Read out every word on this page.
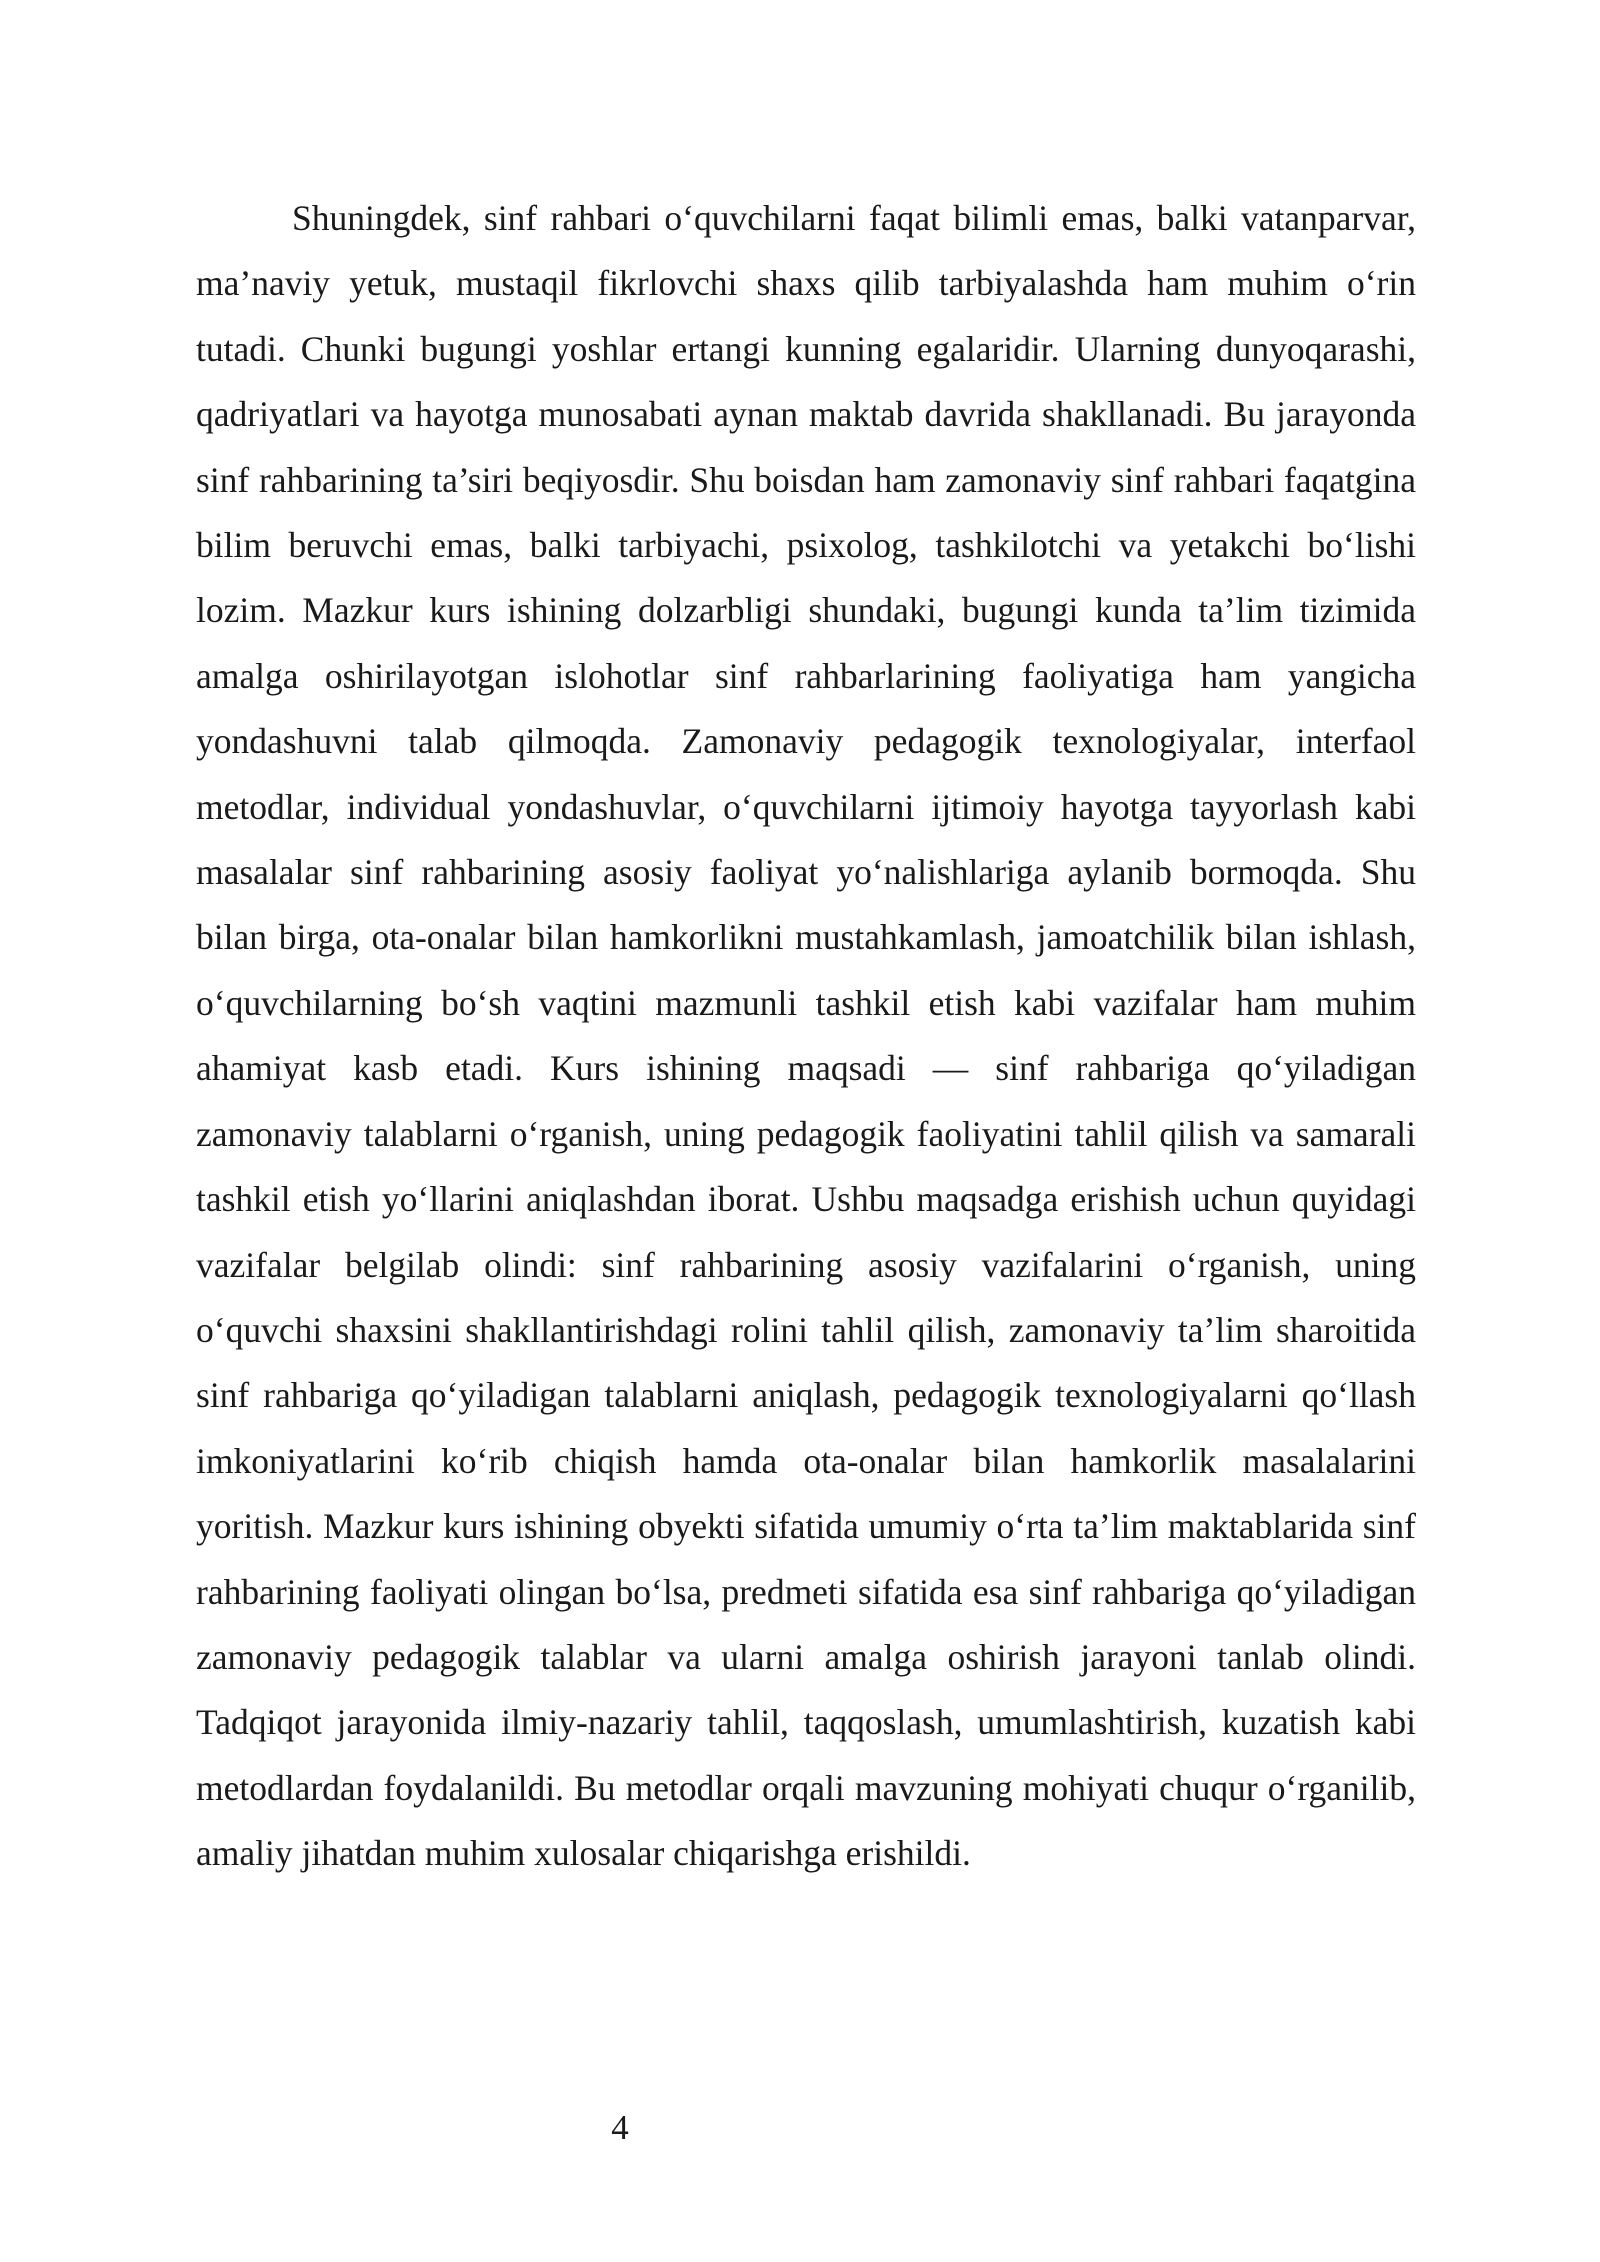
Shuningdek, sinf rahbari o‘quvchilarni faqat bilimli emas, balki vatanparvar, ma’naviy yetuk, mustaqil fikrlovchi shaxs qilib tarbiyalashda ham muhim o‘rin tutadi. Chunki bugungi yoshlar ertangi kunning egalaridir. Ularning dunyoqarashi, qadriyatlari va hayotga munosabati aynan maktab davrida shakllanadi. Bu jarayonda sinf rahbarining ta’siri beqiyosdir. Shu boisdan ham zamonaviy sinf rahbari faqatgina bilim beruvchi emas, balki tarbiyachi, psixolog, tashkilotchi va yetakchi bo‘lishi lozim. Mazkur kurs ishining dolzarbligi shundaki, bugungi kunda ta’lim tizimida amalga oshirilayotgan islohotlar sinf rahbarlarining faoliyatiga ham yangicha yondashuvni talab qilmoqda. Zamonaviy pedagogik texnologiyalar, interfaol metodlar, individual yondashuvlar, o‘quvchilarni ijtimoiy hayotga tayyorlash kabi masalalar sinf rahbarining asosiy faoliyat yo‘nalishlariga aylanib bormoqda. Shu bilan birga, ota-onalar bilan hamkorlikni mustahkamlash, jamoatchilik bilan ishlash, o‘quvchilarning bo‘sh vaqtini mazmunli tashkil etish kabi vazifalar ham muhim ahamiyat kasb etadi. Kurs ishining maqsadi — sinf rahbariga qo‘yiladigan zamonaviy talablarni o‘rganish, uning pedagogik faoliyatini tahlil qilish va samarali tashkil etish yo‘llarini aniqlashdan iborat. Ushbu maqsadga erishish uchun quyidagi vazifalar belgilab olindi: sinf rahbarining asosiy vazifalarini o‘rganish, uning o‘quvchi shaxsini shakllantirishdagi rolini tahlil qilish, zamonaviy ta’lim sharoitida sinf rahbariga qo‘yiladigan talablarni aniqlash, pedagogik texnologiyalarni qo‘llash imkoniyatlarini ko‘rib chiqish hamda ota-onalar bilan hamkorlik masalalarini yoritish. Mazkur kurs ishining obyekti sifatida umumiy o‘rta ta’lim maktablarida sinf rahbarining faoliyati olingan bo‘lsa, predmeti sifatida esa sinf rahbariga qo‘yiladigan zamonaviy pedagogik talablar va ularni amalga oshirish jarayoni tanlab olindi. Tadqiqot jarayonida ilmiy-nazariy tahlil, taqqoslash, umumlashtirish, kuzatish kabi metodlardan foydalanildi. Bu metodlar orqali mavzuning mohiyati chuqur o‘rganilib, amaliy jihatdan muhim xulosalar chiqarishga erishildi.

4
